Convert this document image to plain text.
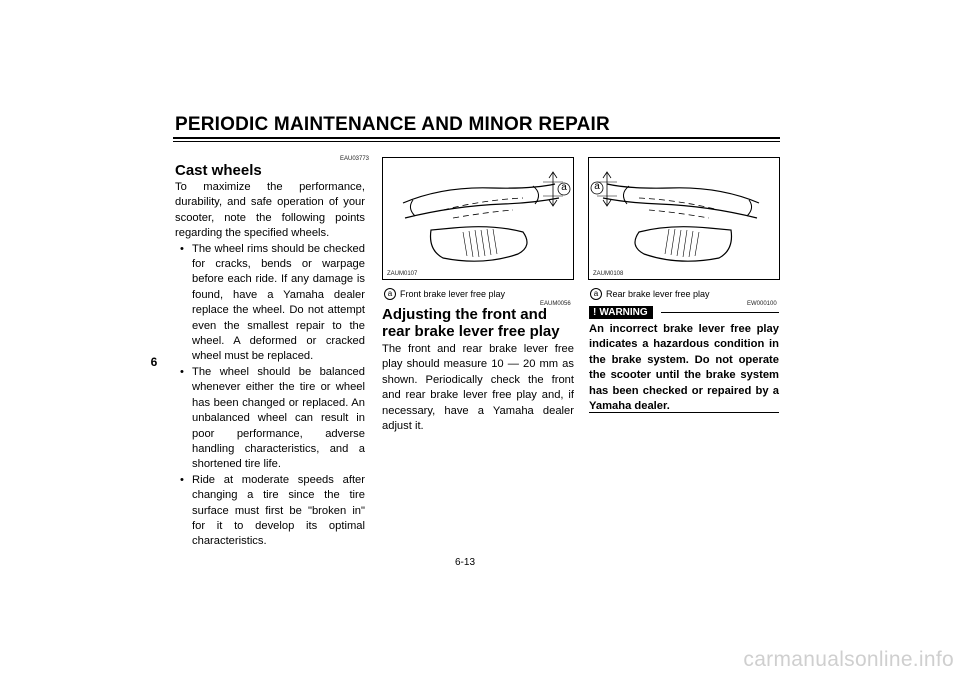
PERIODIC MAINTENANCE AND MINOR REPAIR
6
EAU03773
Cast wheels
To maximize the performance, durability, and safe operation of your scooter, note the following points regarding the specified wheels.
• The wheel rims should be checked for cracks, bends or warpage before each ride. If any damage is found, have a Yamaha dealer replace the wheel. Do not attempt even the smallest repair to the wheel. A deformed or cracked wheel must be replaced.
• The wheel should be balanced whenever either the tire or wheel has been changed or replaced. An unbalanced wheel can result in poor performance, adverse handling characteristics, and a shortened tire life.
• Ride at moderate speeds after changing a tire since the tire surface must first be "broken in" for it to develop its optimal characteristics.
a
ZAUM0107
a Front brake lever free play
EAUM0056
Adjusting the front and rear brake lever free play
The front and rear brake lever free play should measure 10 — 20 mm as shown. Periodically check the front and rear brake lever free play and, if necessary, have a Yamaha dealer adjust it.
a
ZAUM0108
a Rear brake lever free play
EW000100
! WARNING
An incorrect brake lever free play indicates a hazardous condition in the brake system. Do not operate the scooter until the brake system has been checked or repaired by a Yamaha dealer.
6-13
carmanualsonline.info
